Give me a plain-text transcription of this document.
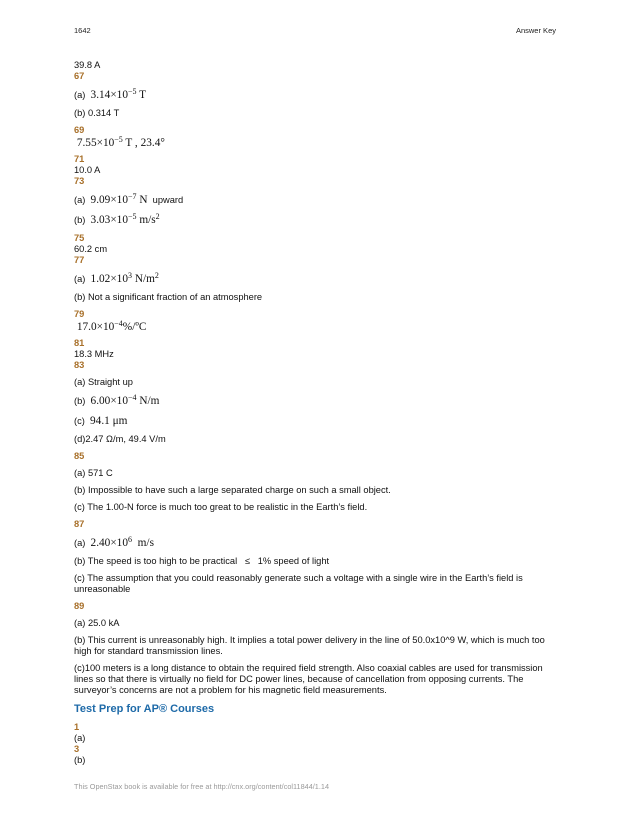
1642	Answer Key

39.8 A

67

(a) $3.14\times 10^{-5}$ T

(b) 0.314 T

69

$7.55\times 10^{-5}$ T , 23.4°

71

10.0 A

73

(a) $9.09\times 10^{-7}$ N upward

(b) $3.03\times 10^{-5}$ $m/s^2$

75

60.2 cm

77

(a) $1.02\times 10^3$ $N/m^2$

(b) Not a significant fraction of an atmosphere

79

$17.0\times 10^{-4}\%/ºC$

81

18.3 MHz

83

(a) Straight up

(b) $6.00\times 10^{-4}$ N/m

(c) 94.1 μm

(d)2.47 Ω/m, 49.4 V/m

85

(a) 571 C

(b) Impossible to have such a large separated charge on such a small object.

(c) The 1.00-N force is much too great to be realistic in the Earth’s field.

87

(a) $2.40\times 10^6$ m/s

(b) The speed is too high to be practical ≤ 1% speed of light

(c) The assumption that you could reasonably generate such a voltage with a single wire in the Earth’s field is unreasonable

89

(a) 25.0 kA

(b) This current is unreasonably high. It implies a total power delivery in the line of 50.0x10^9 W, which is much too high for standard transmission lines.

(c)100 meters is a long distance to obtain the required field strength. Also coaxial cables are used for transmission lines so that there is virtually no field for DC power lines, because of cancellation from opposing currents. The surveyor’s concerns are not a problem for his magnetic field measurements.

Test Prep for AP® Courses
1

(a)

3

(b)

This OpenStax book is available for free at http://cnx.org/content/col11844/1.14
